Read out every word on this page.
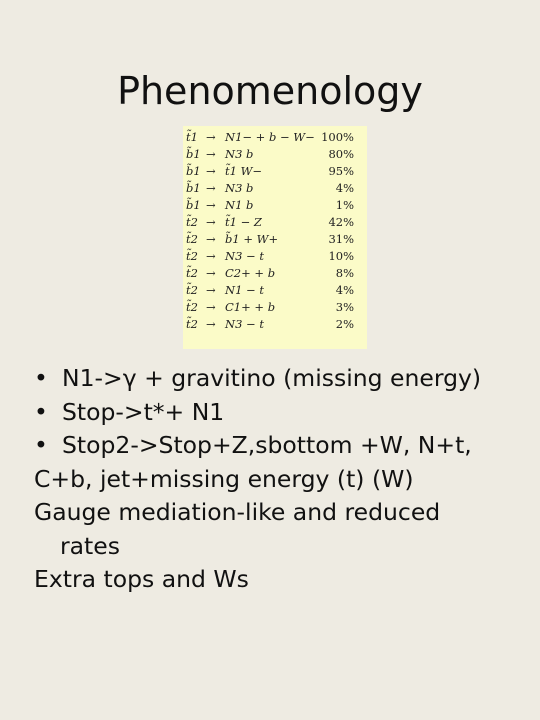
Phenomenology
t̃1 → N1− + b − W− 100%
b̃1 → N3 b	80%
b̃1 → t̃1 W−	95%
b̃1 → N3 b	4%
b̃1 → N1 b	1%
t̃2 → t̃1 − Z	42%
t̃2 → b̃1 + W+	31%
t̃2 → N3 − t	10%
t̃2 → C2+ + b	8%
t̃2 → N1 − t	4%
t̃2 → C1+ + b	3%
t̃2 → N3 − t	2%
• N1->γ + gravitino (missing energy)
• Stop->t*+ N1
• Stop2->Stop+Z,sbottom +W, N+t,
C+b, jet+missing energy (t) (W)
Gauge mediation-like and reduced
rates
Extra tops and Ws
